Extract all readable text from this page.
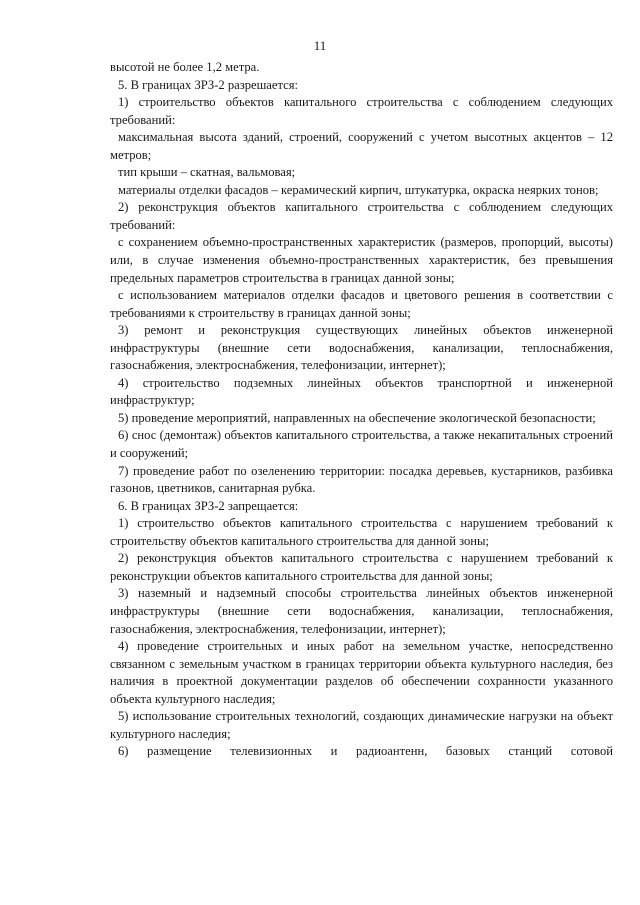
11

высотой не более 1,2 метра.

5. В границах ЗРЗ-2 разрешается:

1) строительство объектов капитального строительства с соблюдением следующих требований:

максимальная высота зданий, строений, сооружений с учетом высотных акцентов – 12 метров;

тип крыши – скатная, вальмовая;

материалы отделки фасадов – керамический кирпич, штукатурка, окраска неярких тонов;

2) реконструкция объектов капитального строительства с соблюдением следующих требований:

с сохранением объемно-пространственных характеристик (размеров, пропорций, высоты) или, в случае изменения объемно-пространственных характеристик, без превышения предельных параметров строительства в границах данной зоны;

с использованием материалов отделки фасадов и цветового решения в соответствии с требованиями к строительству в границах данной зоны;

3) ремонт и реконструкция существующих линейных объектов инженерной инфраструктуры (внешние сети водоснабжения, канализации, теплоснабжения, газоснабжения, электроснабжения, телефонизации, интернет);

4) строительство подземных линейных объектов транспортной и инженерной инфраструктур;

5) проведение мероприятий, направленных на обеспечение экологической безопасности;

6) снос (демонтаж) объектов капитального строительства, а также некапитальных строений и сооружений;

7) проведение работ по озеленению территории: посадка деревьев, кустарников, разбивка газонов, цветников, санитарная рубка.

6. В границах ЗРЗ-2 запрещается:

1) строительство объектов капитального строительства с нарушением требований к строительству объектов капитального строительства для данной зоны;

2) реконструкция объектов капитального строительства с нарушением требований к реконструкции объектов капитального строительства для данной зоны;

3) наземный и надземный способы строительства линейных объектов инженерной инфраструктуры (внешние сети водоснабжения, канализации, теплоснабжения, газоснабжения, электроснабжения, телефонизации, интернет);

4) проведение строительных и иных работ на земельном участке, непосредственно связанном с земельным участком в границах территории объекта культурного наследия, без наличия в проектной документации разделов об обеспечении сохранности указанного объекта культурного наследия;

5) использование строительных технологий, создающих динамические нагрузки на объект культурного наследия;

6) размещение телевизионных и радиоантенн, базовых станций сотовой
